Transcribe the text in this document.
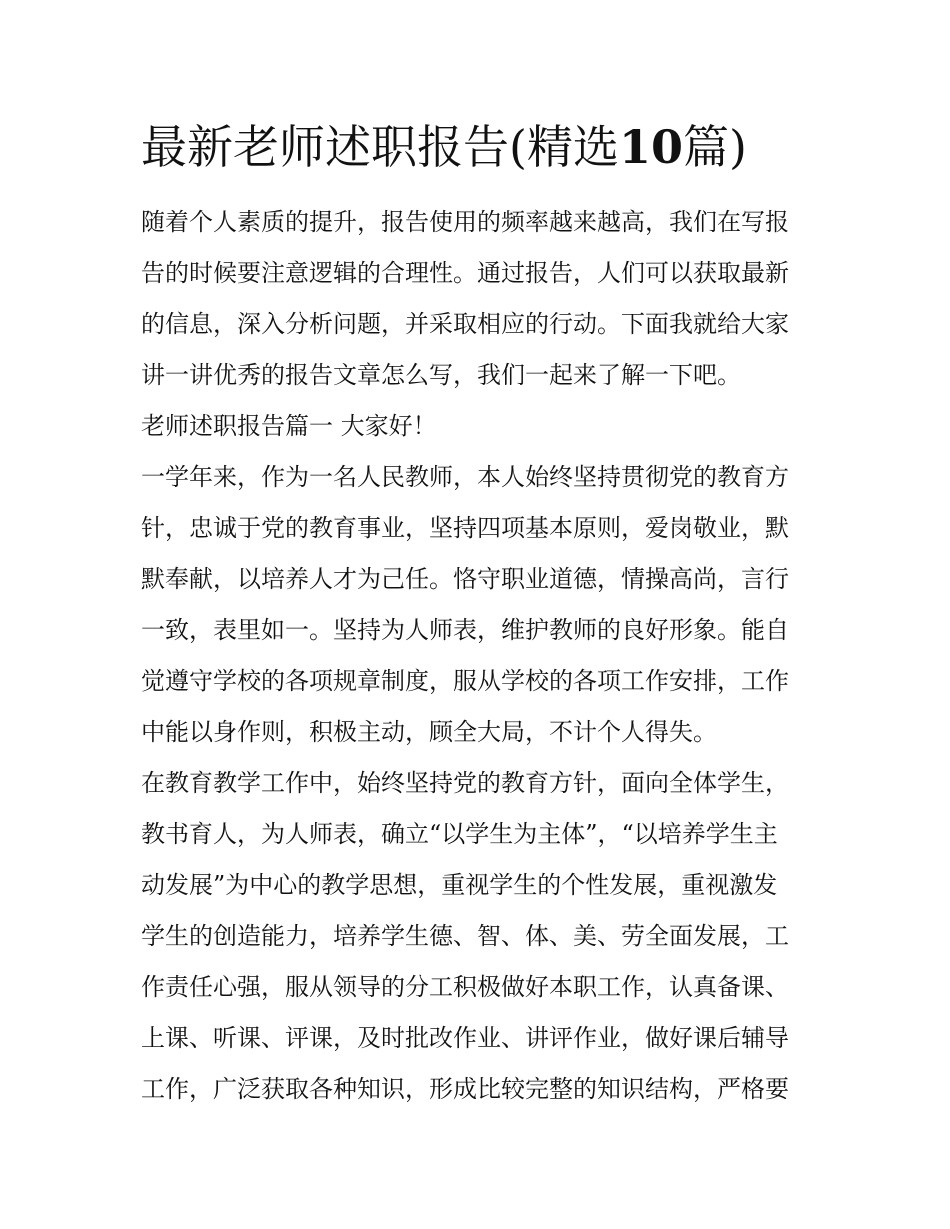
最新老师述职报告(精选10篇)

随着个人素质的提升，报告使用的频率越来越高，我们在写报
告的时候要注意逻辑的合理性。通过报告，人们可以获取最新
的信息，深入分析问题，并采取相应的行动。下面我就给大家
讲一讲优秀的报告文章怎么写，我们一起来了解一下吧。

老师述职报告篇一 大家好！

一学年来，作为一名人民教师，本人始终坚持贯彻党的教育方
针，忠诚于党的教育事业，坚持四项基本原则，爱岗敬业，默
默奉献，以培养人才为己任。恪守职业道德，情操高尚，言行
一致，表里如一。坚持为人师表，维护教师的良好形象。能自
觉遵守学校的各项规章制度，服从学校的各项工作安排，工作
中能以身作则，积极主动，顾全大局，不计个人得失。

在教育教学工作中，始终坚持党的教育方针，面向全体学生，
教书育人，为人师表，确立“以学生为主体”，“以培养学生主
动发展”为中心的教学思想，重视学生的个性发展，重视激发
学生的创造能力，培养学生德、智、体、美、劳全面发展，工
作责任心强，服从领导的分工积极做好本职工作，认真备课、
上课、听课、评课，及时批改作业、讲评作业，做好课后辅导
工作，广泛获取各种知识，形成比较完整的知识结构，严格要
